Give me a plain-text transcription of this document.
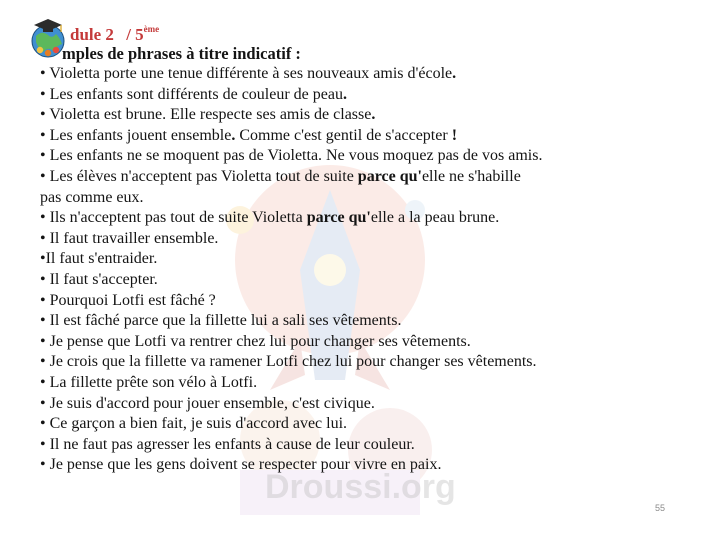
Droussi.org
dule 2 / 5ème

mples de phrases à titre indicatif :

• Violetta porte une tenue différente à ses nouveaux amis d'école.

• Les enfants sont différents de couleur de peau.

• Violetta est brune. Elle respecte ses amis de classe.

• Les enfants jouent ensemble. Comme c'est gentil de s'accepter !

• Les enfants ne se moquent pas de Violetta. Ne vous moquez pas de vos amis.

• Les élèves n'acceptent pas Violetta tout de suite parce qu'elle ne s'habille

pas comme eux.

• Ils n'acceptent pas tout de suite Violetta parce qu'elle a la peau brune.

• Il faut travailler ensemble.

•Il faut s'entraider.

• Il faut s'accepter.

• Pourquoi Lotfi est fâché ?

• Il est fâché parce que la fillette lui a sali ses vêtements.

• Je pense que Lotfi va rentrer chez lui pour changer ses vêtements.

• Je crois que la fillette va ramener Lotfi chez lui pour changer ses vêtements.

• La fillette prête son vélo à Lotfi.

• Je suis d'accord pour jouer ensemble, c'est civique.

• Ce garçon a bien fait, je suis d'accord avec lui.

• Il ne faut pas agresser les enfants à cause de leur couleur.

• Je pense que les gens doivent se respecter pour vivre en paix.

55
